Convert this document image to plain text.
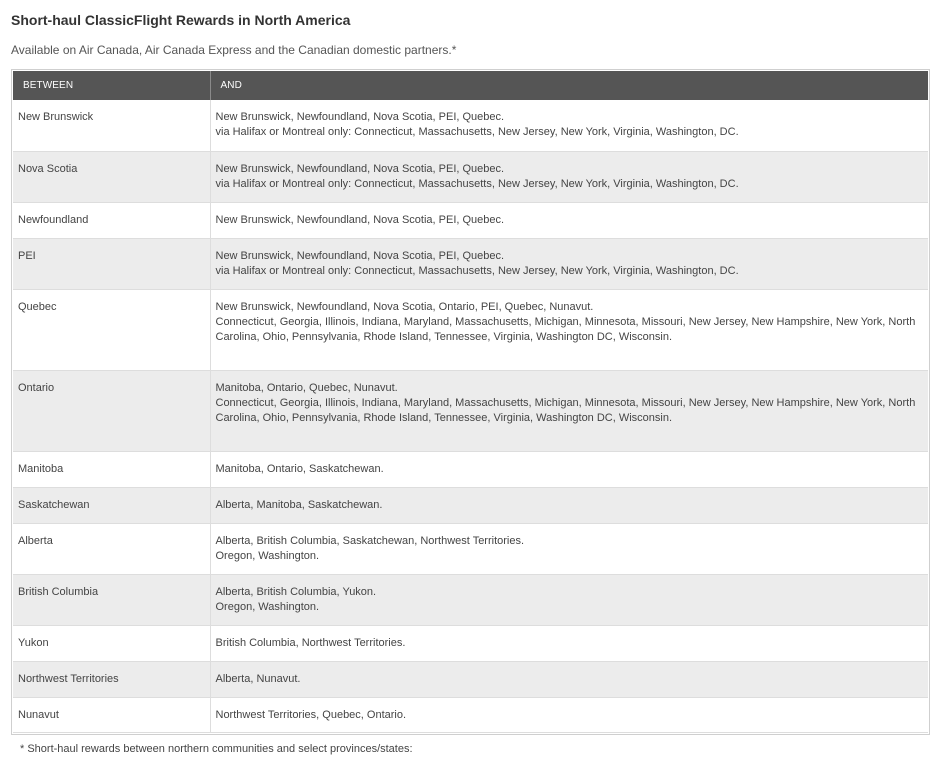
Short-haul ClassicFlight Rewards in North America

Available on Air Canada, Air Canada Express and the Canadian domestic partners.*

BETWEEN	AND
New Brunswick	New Brunswick, Newfoundland, Nova Scotia, PEI, Quebec.
via Halifax or Montreal only: Connecticut, Massachusetts, New Jersey, New York, Virginia, Washington, DC.

Nova Scotia	New Brunswick, Newfoundland, Nova Scotia, PEI, Quebec.
via Halifax or Montreal only: Connecticut, Massachusetts, New Jersey, New York, Virginia, Washington, DC.

Newfoundland	New Brunswick, Newfoundland, Nova Scotia, PEI, Quebec.

PEI	New Brunswick, Newfoundland, Nova Scotia, PEI, Quebec.
via Halifax or Montreal only: Connecticut, Massachusetts, New Jersey, New York, Virginia, Washington, DC.

Quebec	New Brunswick, Newfoundland, Nova Scotia, Ontario, PEI, Quebec, Nunavut.
Connecticut, Georgia, Illinois, Indiana, Maryland, Massachusetts, Michigan, Minnesota, Missouri, New Jersey, New Hampshire, New York, North Carolina, Ohio, Pennsylvania, Rhode Island, Tennessee, Virginia, Washington DC, Wisconsin.

Ontario	Manitoba, Ontario, Quebec, Nunavut.
Connecticut, Georgia, Illinois, Indiana, Maryland, Massachusetts, Michigan, Minnesota, Missouri, New Jersey, New Hampshire, New York, North Carolina, Ohio, Pennsylvania, Rhode Island, Tennessee, Virginia, Washington DC, Wisconsin.

Manitoba	Manitoba, Ontario, Saskatchewan.

Saskatchewan	Alberta, Manitoba, Saskatchewan.

Alberta	Alberta, British Columbia, Saskatchewan, Northwest Territories.
Oregon, Washington.

British Columbia	Alberta, British Columbia, Yukon.
Oregon, Washington.

Yukon	British Columbia, Northwest Territories.

Northwest Territories	Alberta, Nunavut.

Nunavut	Northwest Territories, Quebec, Ontario.

* Short-haul rewards between northern communities and select provinces/states:
